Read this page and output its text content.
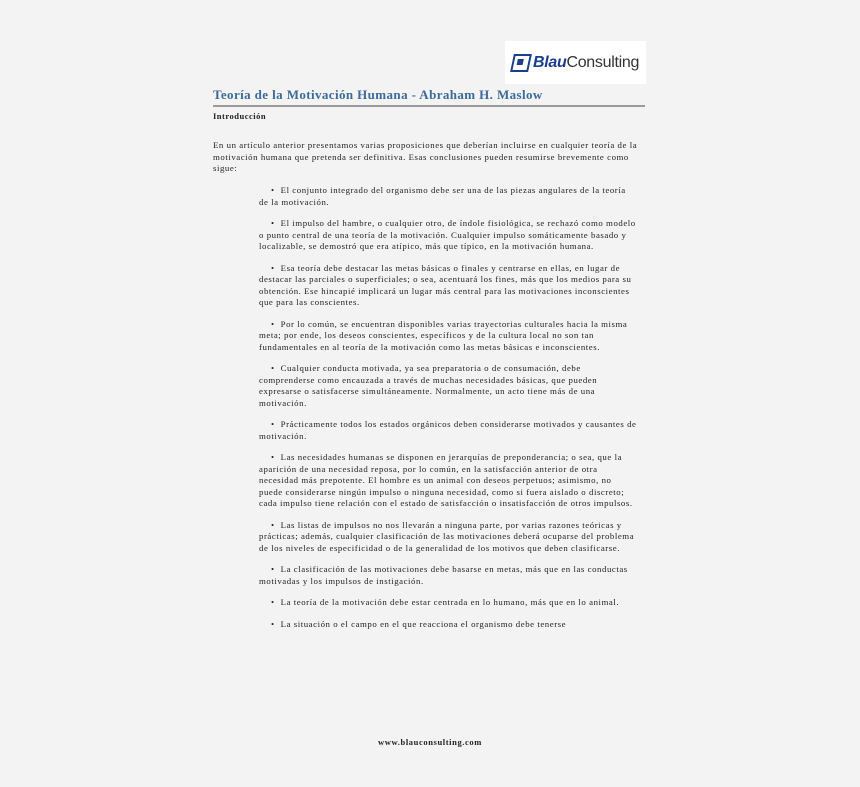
Blau Consulting
Teoría de la Motivación Humana - Abraham H. Maslow
Introducción
En un artículo anterior presentamos varias proposiciones que deberían incluirse en cualquier teoría de la motivación humana que pretenda ser definitiva. Esas conclusiones pueden resumirse brevemente como sigue:
• El conjunto integrado del organismo debe ser una de las piezas angulares de la teoría de la motivación.
• El impulso del hambre, o cualquier otro, de índole fisiológica, se rechazó como modelo o punto central de una teoría de la motivación. Cualquier impulso somáticamente basado y localizable, se demostró que era atípico, más que típico, en la motivación humana.
• Esa teoría debe destacar las metas básicas o finales y centrarse en ellas, en lugar de destacar las parciales o superficiales; o sea, acentuará los fines, más que los medios para su obtención. Ese hincapié implicará un lugar más central para las motivaciones inconscientes que para las conscientes.
• Por lo común, se encuentran disponibles varias trayectorias culturales hacia la misma meta; por ende, los deseos conscientes, específicos y de la cultura local no son tan fundamentales en al teoría de la motivación como las metas básicas e inconscientes.
• Cualquier conducta motivada, ya sea preparatoria o de consumación, debe comprenderse como encauzada a través de muchas necesidades básicas, que pueden expresarse o satisfacerse simultáneamente. Normalmente, un acto tiene más de una motivación.
• Prácticamente todos los estados orgánicos deben considerarse motivados y causantes de motivación.
• Las necesidades humanas se disponen en jerarquías de preponderancia; o sea, que la aparición de una necesidad reposa, por lo común, en la satisfacción anterior de otra necesidad más prepotente. El hombre es un animal con deseos perpetuos; asimismo, no puede considerarse ningún impulso o ninguna necesidad, como si fuera aislado o discreto; cada impulso tiene relación con el estado de satisfacción o insatisfacción de otros impulsos.
• Las listas de impulsos no nos llevarán a ninguna parte, por varias razones teóricas y prácticas; además, cualquier clasificación de las motivaciones deberá ocuparse del problema de los niveles de especificidad o de la generalidad de los motivos que deben clasificarse.
• La clasificación de las motivaciones debe basarse en metas, más que en las conductas motivadas y los impulsos de instigación.
• La teoría de la motivación debe estar centrada en lo humano, más que en lo animal.
• La situación o el campo en el que reacciona el organismo debe tenerse
www.blauconsulting.com
